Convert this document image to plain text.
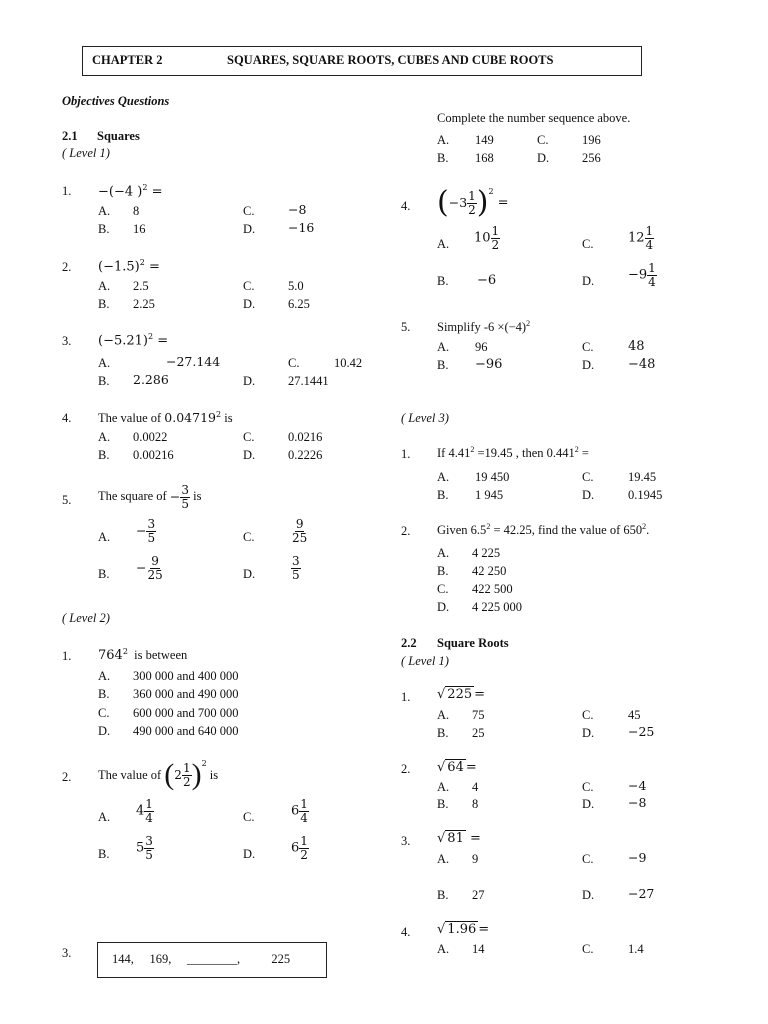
CHAPTER 2	SQUARES, SQUARE ROOTS, CUBES AND CUBE ROOTS
Objectives Questions
2.1 Squares
( Level 1)
1. −(−4 )$^2$ =
A. 8	C.	−8
B. 16	D.	−16
2. $(-1.5)^2$ =
A. 2.5	C.	5.0
B. 2.25	D.	6.25
3. $(-5.21)^2$ =
A.	−27.144	C.	10.42
B. 2.286	D.	27.1441
4. The value of 0.04719$^2$ is
A. 0.0022	C.	0.0216
B. 0.00216	D.	0.2226
5. The square of − $\frac{3}{5}$ is
A. − $\frac{3}{5}$	C.	$\frac{9}{25}$
B. − $\frac{9}{25}$	D.	$\frac{3}{5}$
( Level 2)
1. $764^2$ is between
A. 300 000 and 400 000
B. 360 000 and 490 000
C. 600 000 and 700 000
D. 490 000 and 640 000
2. The value of $(2 \frac{1}{2} )^2$ is
A. $4 \frac{1}{4}$	C.	$6 \frac{1}{4}$
B. $5 \frac{3}{5}$	D.	$6 \frac{1}{2}$
3.	144,     169,     ________,          225
Complete the number sequence above.
A. 149	C.	196
B. 168	D.	256
4. $(-3 \frac{1}{2} )^2$ =
A. $10 \frac{1}{2}$	C.	$12 \frac{1}{4}$
B. −6	D.	$-9 \frac{1}{4}$
5. Simplify $-6 \times(-4)^2$
A. 96	C.	48
B. −96	D.	−48
( Level 3)
1. If $4.41^2 =19.45$ , then $0.441^2$ =
A. 19 450	C.	19.45
B. 1 945	D.	0.1945
2. Given $6.5^2 = 42.25$, find the value of $650^2$.
A. 4 225
B. 42 250
C. 422 500
D. 4 225 000
2.2 Square Roots
( Level 1)
1. √ 225 =
A. 75	C.	45
B. 25	D.	−25
2. √ 64 =
A. 4	C.	−4
B. 8	D.	−8
3. √ 81 =
A. 9	C.	−9
B. 27	D.	−27
4. √ 1.96 =
A. 14	C.	1.4
